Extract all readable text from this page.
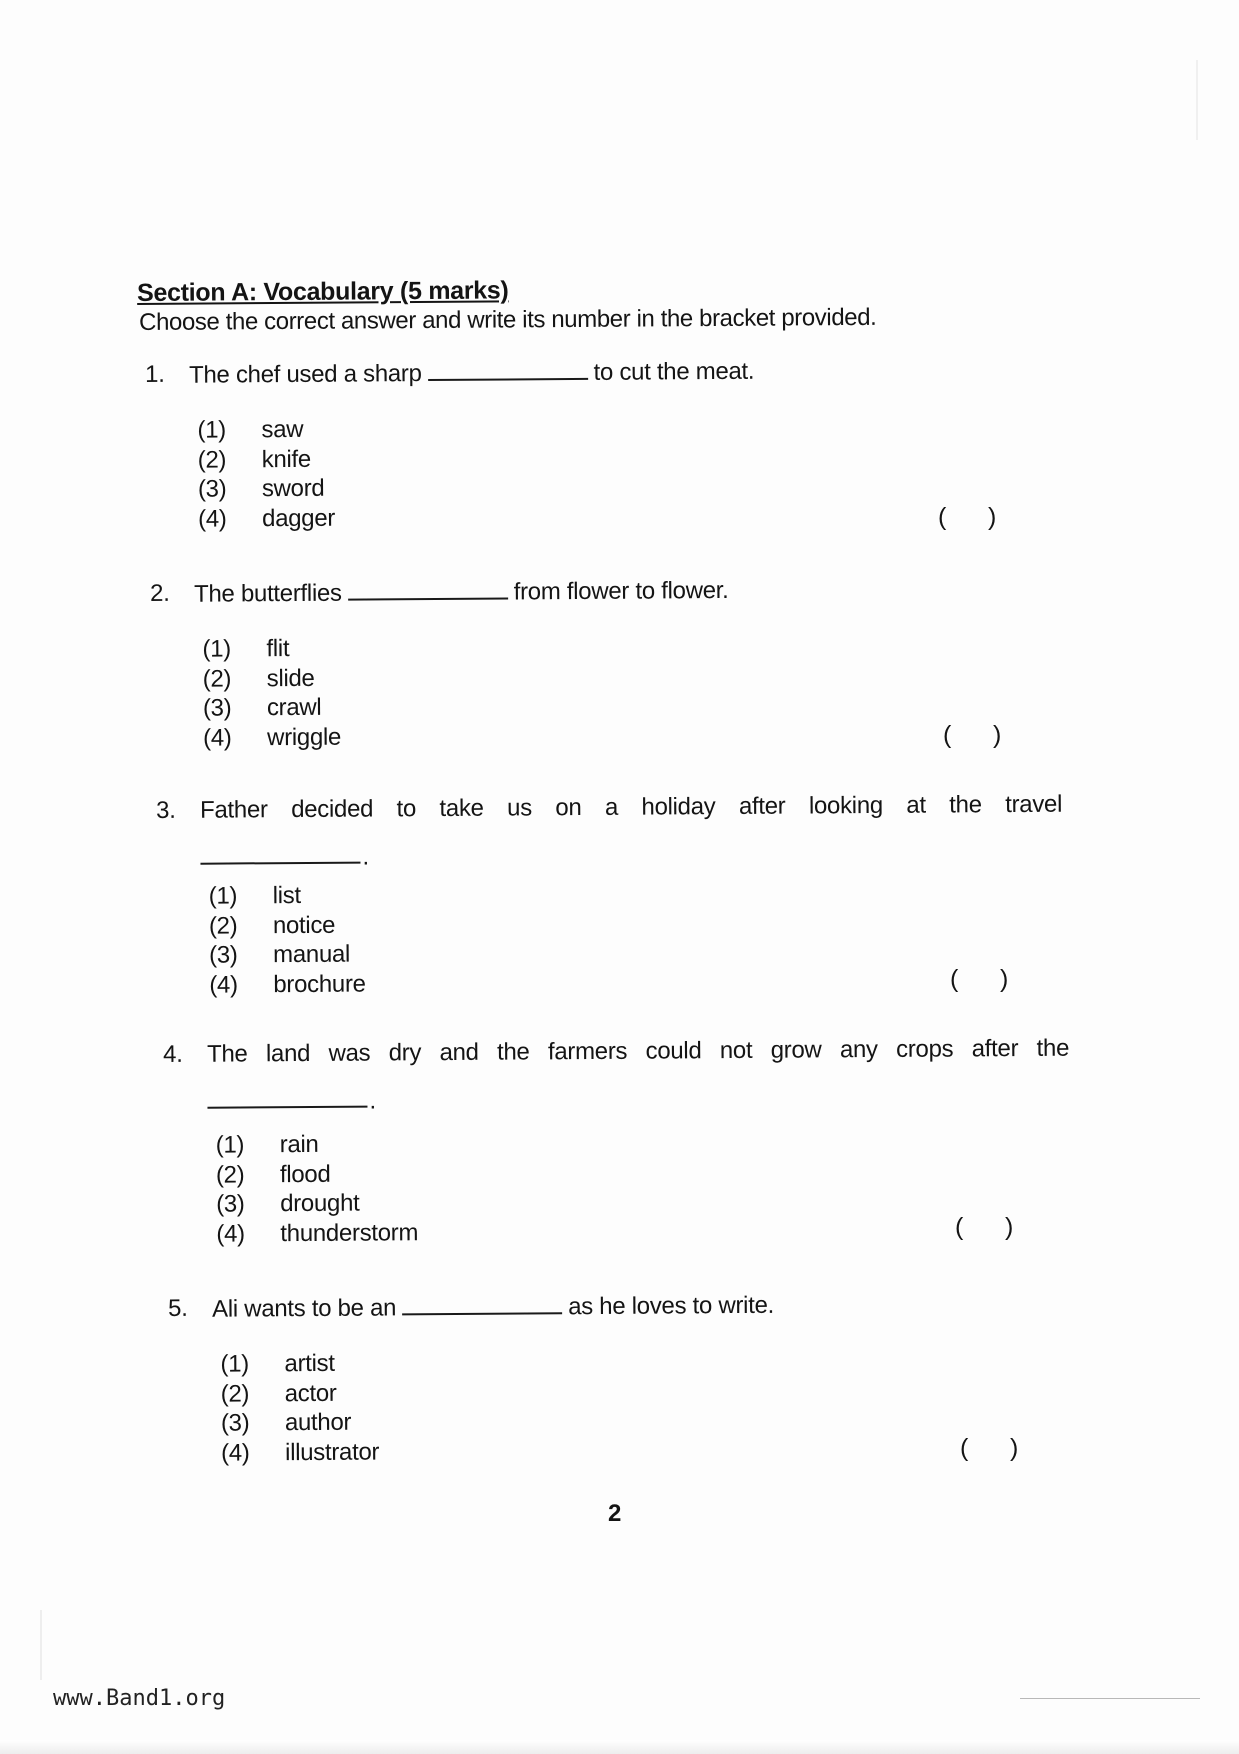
Section A: Vocabulary (5 marks)
Choose the correct answer and write its number in the bracket provided.
1. The chef used a sharp	to cut the meat.
(1) saw
(2) knife
(3) sword
(4) dagger	(      )
2. The butterflies	from flower to flower.
(1) flit
(2) slide
(3) crawl
(4) wriggle	(      )
3. Father decided to take us on a holiday after looking at the travel
.
(1) list
(2) notice
(3) manual
(4) brochure	(      )
4. The land was dry and the farmers could not grow any crops after the
.
(1) rain
(2) flood
(3) drought
(4) thunderstorm	(      )
5. Ali wants to be an	as he loves to write.
(1) artist
(2) actor
(3) author
(4) illustrator	(      )
2
www.Band1.org
